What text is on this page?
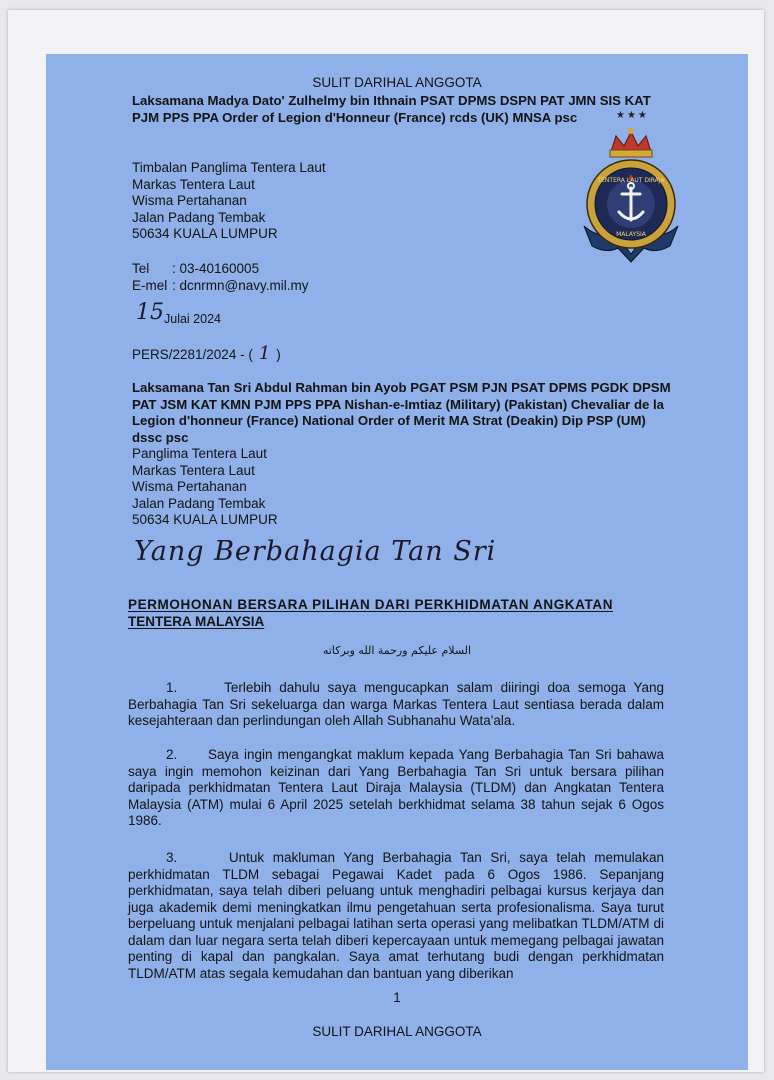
SULIT DARIHAL ANGGOTA
Laksamana Madya Dato' Zulhelmy bin Ithnain PSAT DPMS DSPN PAT JMN SIS KAT PJM PPS PPA Order of Legion d'Honneur (France) rcds (UK) MNSA psc	★★★
TENTERA LAUT DIRAJA
MALAYSIA
Timbalan Panglima Tentera Laut
Markas Tentera Laut
Wisma Pertahanan
Jalan Padang Tembak
50634 KUALA LUMPUR
Tel : 03-40160005
E-mel : dcnrmn@navy.mil.my
15 Julai 2024
PERS/2281/2024 - ( 1 )
Laksamana Tan Sri Abdul Rahman bin Ayob PGAT PSM PJN PSAT DPMS PGDK DPSM PAT JSM KAT KMN PJM PPS PPA Nishan-e-Imtiaz (Military) (Pakistan) Chevaliar de la Legion d'honneur (France) National Order of Merit MA Strat (Deakin) Dip PSP (UM) dssc psc
Panglima Tentera Laut
Markas Tentera Laut
Wisma Pertahanan
Jalan Padang Tembak
50634 KUALA LUMPUR
Yang Berbahagia Tan Sri
PERMOHONAN BERSARA PILIHAN DARI PERKHIDMATAN ANGKATAN
TENTERA MALAYSIA
السلام عليكم ورحمة الله وبركاته
1.	Terlebih dahulu saya mengucapkan salam diiringi doa semoga Yang Berbahagia Tan Sri sekeluarga dan warga Markas Tentera Laut sentiasa berada dalam kesejahteraan dan perlindungan oleh Allah Subhanahu Wata'ala.
2. Saya ingin mengangkat maklum kepada Yang Berbahagia Tan Sri bahawa saya ingin memohon keizinan dari Yang Berbahagia Tan Sri untuk bersara pilihan daripada perkhidmatan Tentera Laut Diraja Malaysia (TLDM) dan Angkatan Tentera Malaysia (ATM) mulai 6 April 2025 setelah berkhidmat selama 38 tahun sejak 6 Ogos 1986.
3.	Untuk makluman Yang Berbahagia Tan Sri, saya telah memulakan perkhidmatan TLDM sebagai Pegawai Kadet pada 6 Ogos 1986. Sepanjang perkhidmatan, saya telah diberi peluang untuk menghadiri pelbagai kursus kerjaya dan juga akademik demi meningkatkan ilmu pengetahuan serta profesionalisma. Saya turut berpeluang untuk menjalani pelbagai latihan serta operasi yang melibatkan TLDM/ATM di dalam dan luar negara serta telah diberi kepercayaan untuk memegang pelbagai jawatan penting di kapal dan pangkalan. Saya amat terhutang budi dengan perkhidmatan TLDM/ATM atas segala kemudahan dan bantuan yang diberikan
1
SULIT DARIHAL ANGGOTA
